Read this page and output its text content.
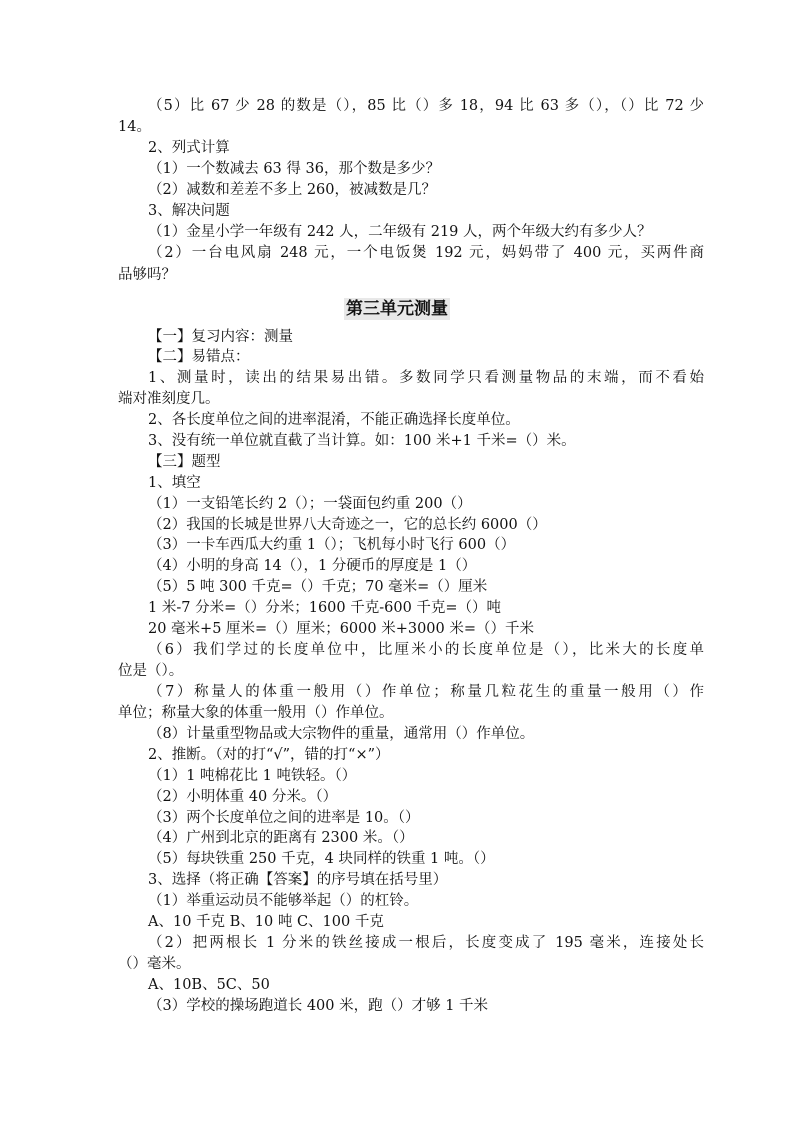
（5）比 67 少 28 的数是（），85 比（）多 18，94 比 63 多（），（）比 72 少
14。
2、列式计算
（1）一个数减去 63 得 36，那个数是多少？
（2）减数和差差不多上 260，被减数是几？
3、解决问题
（1）金星小学一年级有 242 人，二年级有 219 人，两个年级大约有多少人？
（2）一台电风扇 248 元，一个电饭煲 192 元，妈妈带了 400 元，买两件商
品够吗？
第三单元测量
【一】复习内容：测量
【二】易错点：
1、测量时，读出的结果易出错。多数同学只看测量物品的末端，而不看始
端对准刻度几。
2、各长度单位之间的进率混淆，不能正确选择长度单位。
3、没有统一单位就直截了当计算。如：100 米+1 千米=（）米。
【三】题型
1、填空
（1）一支铅笔长约 2（）；一袋面包约重 200（）
（2）我国的长城是世界八大奇迹之一，它的总长约 6000（）
（3）一卡车西瓜大约重 1（）；飞机每小时飞行 600（）
（4）小明的身高 14（），1 分硬币的厚度是 1（）
（5）5 吨 300 千克=（）千克；70 毫米=（）厘米
1 米-7 分米=（）分米；1600 千克-600 千克=（）吨
20 毫米+5 厘米=（）厘米；6000 米+3000 米=（）千米
（6）我们学过的长度单位中，比厘米小的长度单位是（），比米大的长度单
位是（）。
（7）称量人的体重一般用（）作单位；称量几粒花生的重量一般用（）作
单位；称量大象的体重一般用（）作单位。
（8）计量重型物品或大宗物件的重量，通常用（）作单位。
2、推断。（对的打“√”，错的打“×”）
（1）1 吨棉花比 1 吨铁轻。（）
（2）小明体重 40 分米。（）
（3）两个长度单位之间的进率是 10。（）
（4）广州到北京的距离有 2300 米。（）
（5）每块铁重 250 千克，4 块同样的铁重 1 吨。（）
3、选择（将正确【答案】的序号填在括号里）
（1）举重运动员不能够举起（）的杠铃。
A、10 千克 B、10 吨 C、100 千克
（2）把两根长 1 分米的铁丝接成一根后，长度变成了 195 毫米，连接处长
（）毫米。
A、10B、5C、50
（3）学校的操场跑道长 400 米，跑（）才够 1 千米
